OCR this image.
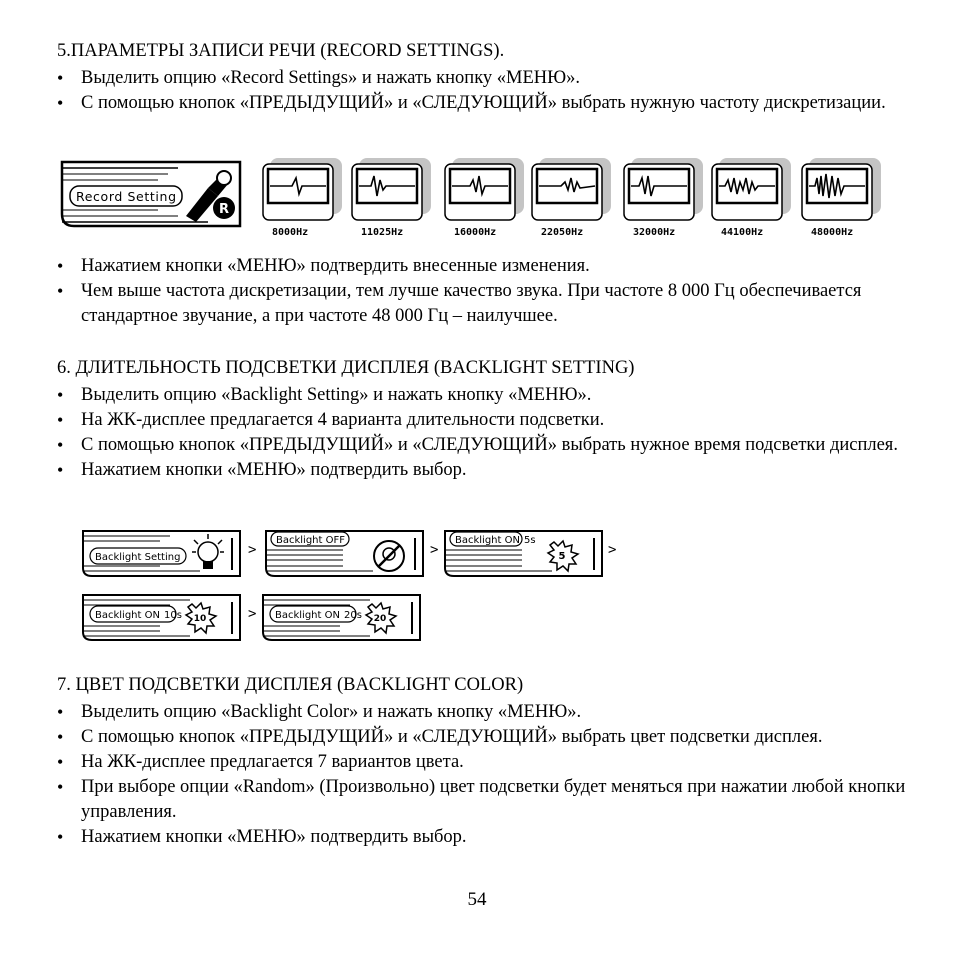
5.ПАРАМЕТРЫ ЗАПИСИ РЕЧИ (RECORD SETTINGS).
• Выделить опцию «Record Settings» и нажать кнопку «МЕНЮ».
• С помощью кнопок «ПРЕДЫДУЩИЙ» и «СЛЕДУЮЩИЙ» выбрать нужную частоту дискретизации.
Record Setting
R
8000Hz	11025Hz	16000Hz	22050Hz	32000Hz	44100Hz	48000Hz
• Нажатием кнопки «МЕНЮ» подтвердить внесенные изменения.
• Чем выше частота дискретизации, тем лучше качество звука. При частоте 8 000 Гц обеспечивается стандартное звучание, а при частоте 48 000 Гц – наилучшее.
6. ДЛИТЕЛЬНОСТЬ ПОДСВЕТКИ ДИСПЛЕЯ (BACKLIGHT SETTING)
• Выделить опцию «Backlight Setting» и нажать кнопку «МЕНЮ».
• На ЖК-дисплее предлагается 4 варианта длительности подсветки.
• С помощью кнопок «ПРЕДЫДУЩИЙ» и «СЛЕДУЮЩИЙ» выбрать нужное время подсветки дисплея.
• Нажатием кнопки «МЕНЮ» подтвердить выбор.
Backlight Setting	>
Backlight OFF
>
Backlight ON 5s
5	>
Backlight ON 10s 10	> Backlight ON 20s 20
7. ЦВЕТ ПОДСВЕТКИ ДИСПЛЕЯ (BACKLIGHT COLOR)
• Выделить опцию «Backlight Color» и нажать кнопку «МЕНЮ».
• С помощью кнопок «ПРЕДЫДУЩИЙ» и «СЛЕДУЮЩИЙ» выбрать цвет подсветки дисплея.
• На ЖК-дисплее предлагается 7 вариантов цвета.
• При выборе опции «Random» (Произвольно) цвет подсветки будет меняться при нажатии любой кнопки управления.
• Нажатием кнопки «МЕНЮ» подтвердить выбор.
54
